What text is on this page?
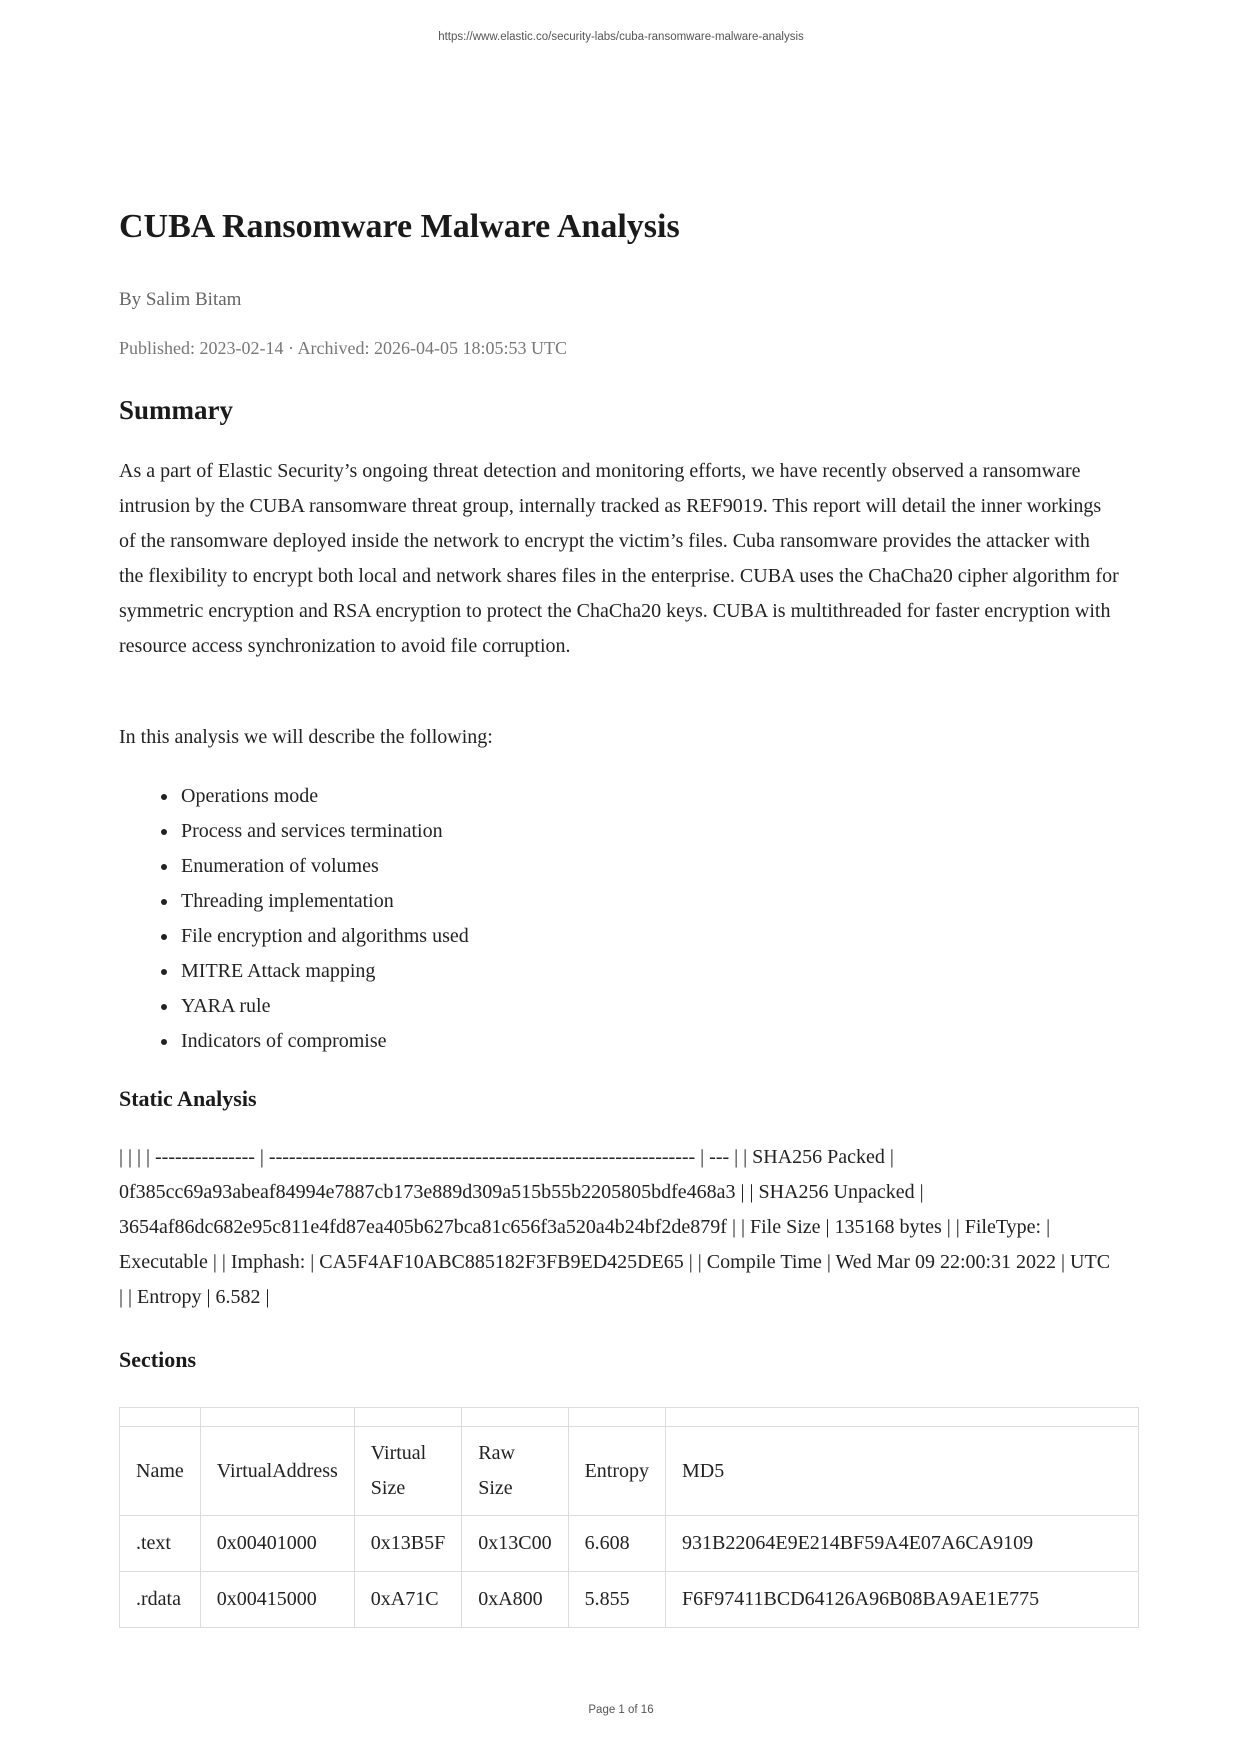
https://www.elastic.co/security-labs/cuba-ransomware-malware-analysis
CUBA Ransomware Malware Analysis
By Salim Bitam
Published: 2023-02-14 · Archived: 2026-04-05 18:05:53 UTC
Summary

As a part of Elastic Security’s ongoing threat detection and monitoring efforts, we have recently observed a ransomware intrusion by the CUBA ransomware threat group, internally tracked as REF9019. This report will detail the inner workings of the ransomware deployed inside the network to encrypt the victim’s files. Cuba ransomware provides the attacker with the flexibility to encrypt both local and network shares files in the enterprise. CUBA uses the ChaCha20 cipher algorithm for symmetric encryption and RSA encryption to protect the ChaCha20 keys. CUBA is multithreaded for faster encryption with resource access synchronization to avoid file corruption.

In this analysis we will describe the following:

Operations mode
Process and services termination
Enumeration of volumes
Threading implementation
File encryption and algorithms used
MITRE Attack mapping
YARA rule
Indicators of compromise
Static Analysis

| | | | --------------- | ---------------------------------------------------------------- | --- | | SHA256 Packed | 0f385cc69a93abeaf84994e7887cb173e889d309a515b55b2205805bdfe468a3 | | SHA256 Unpacked | 3654af86dc682e95c811e4fd87ea405b627bca81c656f3a520a4b24bf2de879f | | File Size | 135168 bytes | | FileType: | Executable | | Imphash: | CA5F4AF10ABC885182F3FB9ED425DE65 | | Compile Time | Wed Mar 09 22:00:31 2022 | UTC | | Entropy | 6.582 |

Sections

Name	VirtualAddress	Virtual Size	Raw Size	Entropy	MD5
.text	0x00401000	0x13B5F	0x13C00	6.608	931B22064E9E214BF59A4E07A6CA9109
.rdata	0x00415000	0xA71C	0xA800	5.855	F6F97411BCD64126A96B08BA9AE1E775
Page 1 of 16
